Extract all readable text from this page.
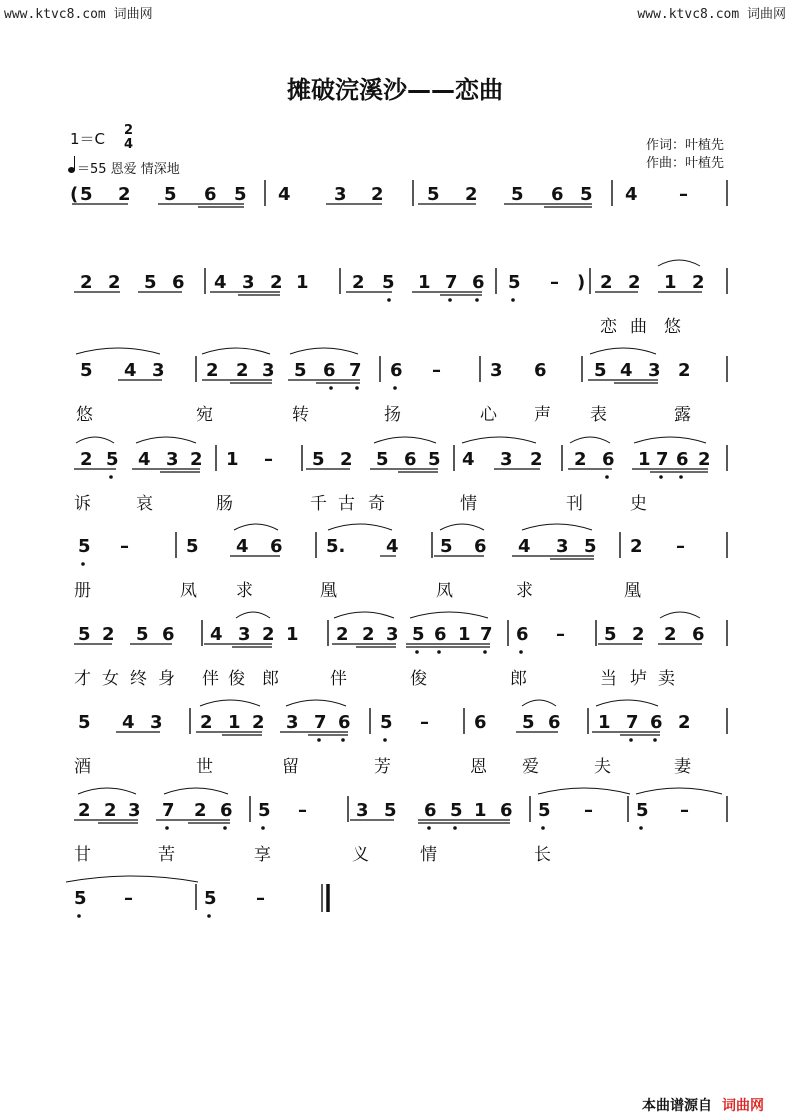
www.ktvc8.com 词曲网	www.ktvc8.com 词曲网
摊破浣溪沙——恋曲
1＝C 2
4
＝55 恩爱 情深地
作词：叶植先
作曲：叶植先
( 5 2 5 6 5 4 3 2 5 2 5 6 5 4 –
2 2 5 6 4 3 2 1 2 5 1 7 6 5 – ) 2 2 1 2
恋 曲 悠
5 4 3 2 2 3 5 6 7 6 –	3 6	5 4 3 2
悠	宛	转	扬	心 声 表	露
2 5 4 3 2 1 – 5 2 5 6 5 4 3 2 2 6 1 7 6 2
诉	哀	肠	千 古 奇	情	刊	史
5 –	5 4 6 5. 4 5 6 4 3 5 2 –
册	凤 求	凰	凤	求	凰
5 2 5 6 4 3 2 1 2 2 3 5 6 1 7 6 – 5 2 2 6
才 女 终 身 伴 俊 郎	伴	俊	郎	当 垆 卖
5 4 3 2 1 2 3 7 6 5 –	6 5 6 1 7 6 2
酒	世	留	芳	恩 爱	夫	妻
2 2 3 7 2 6 5 –	3 5 6 5 1 6 5 – 5 –
甘	苦	享	义	情	长
5 –	5 –
本曲谱源自 词曲网
